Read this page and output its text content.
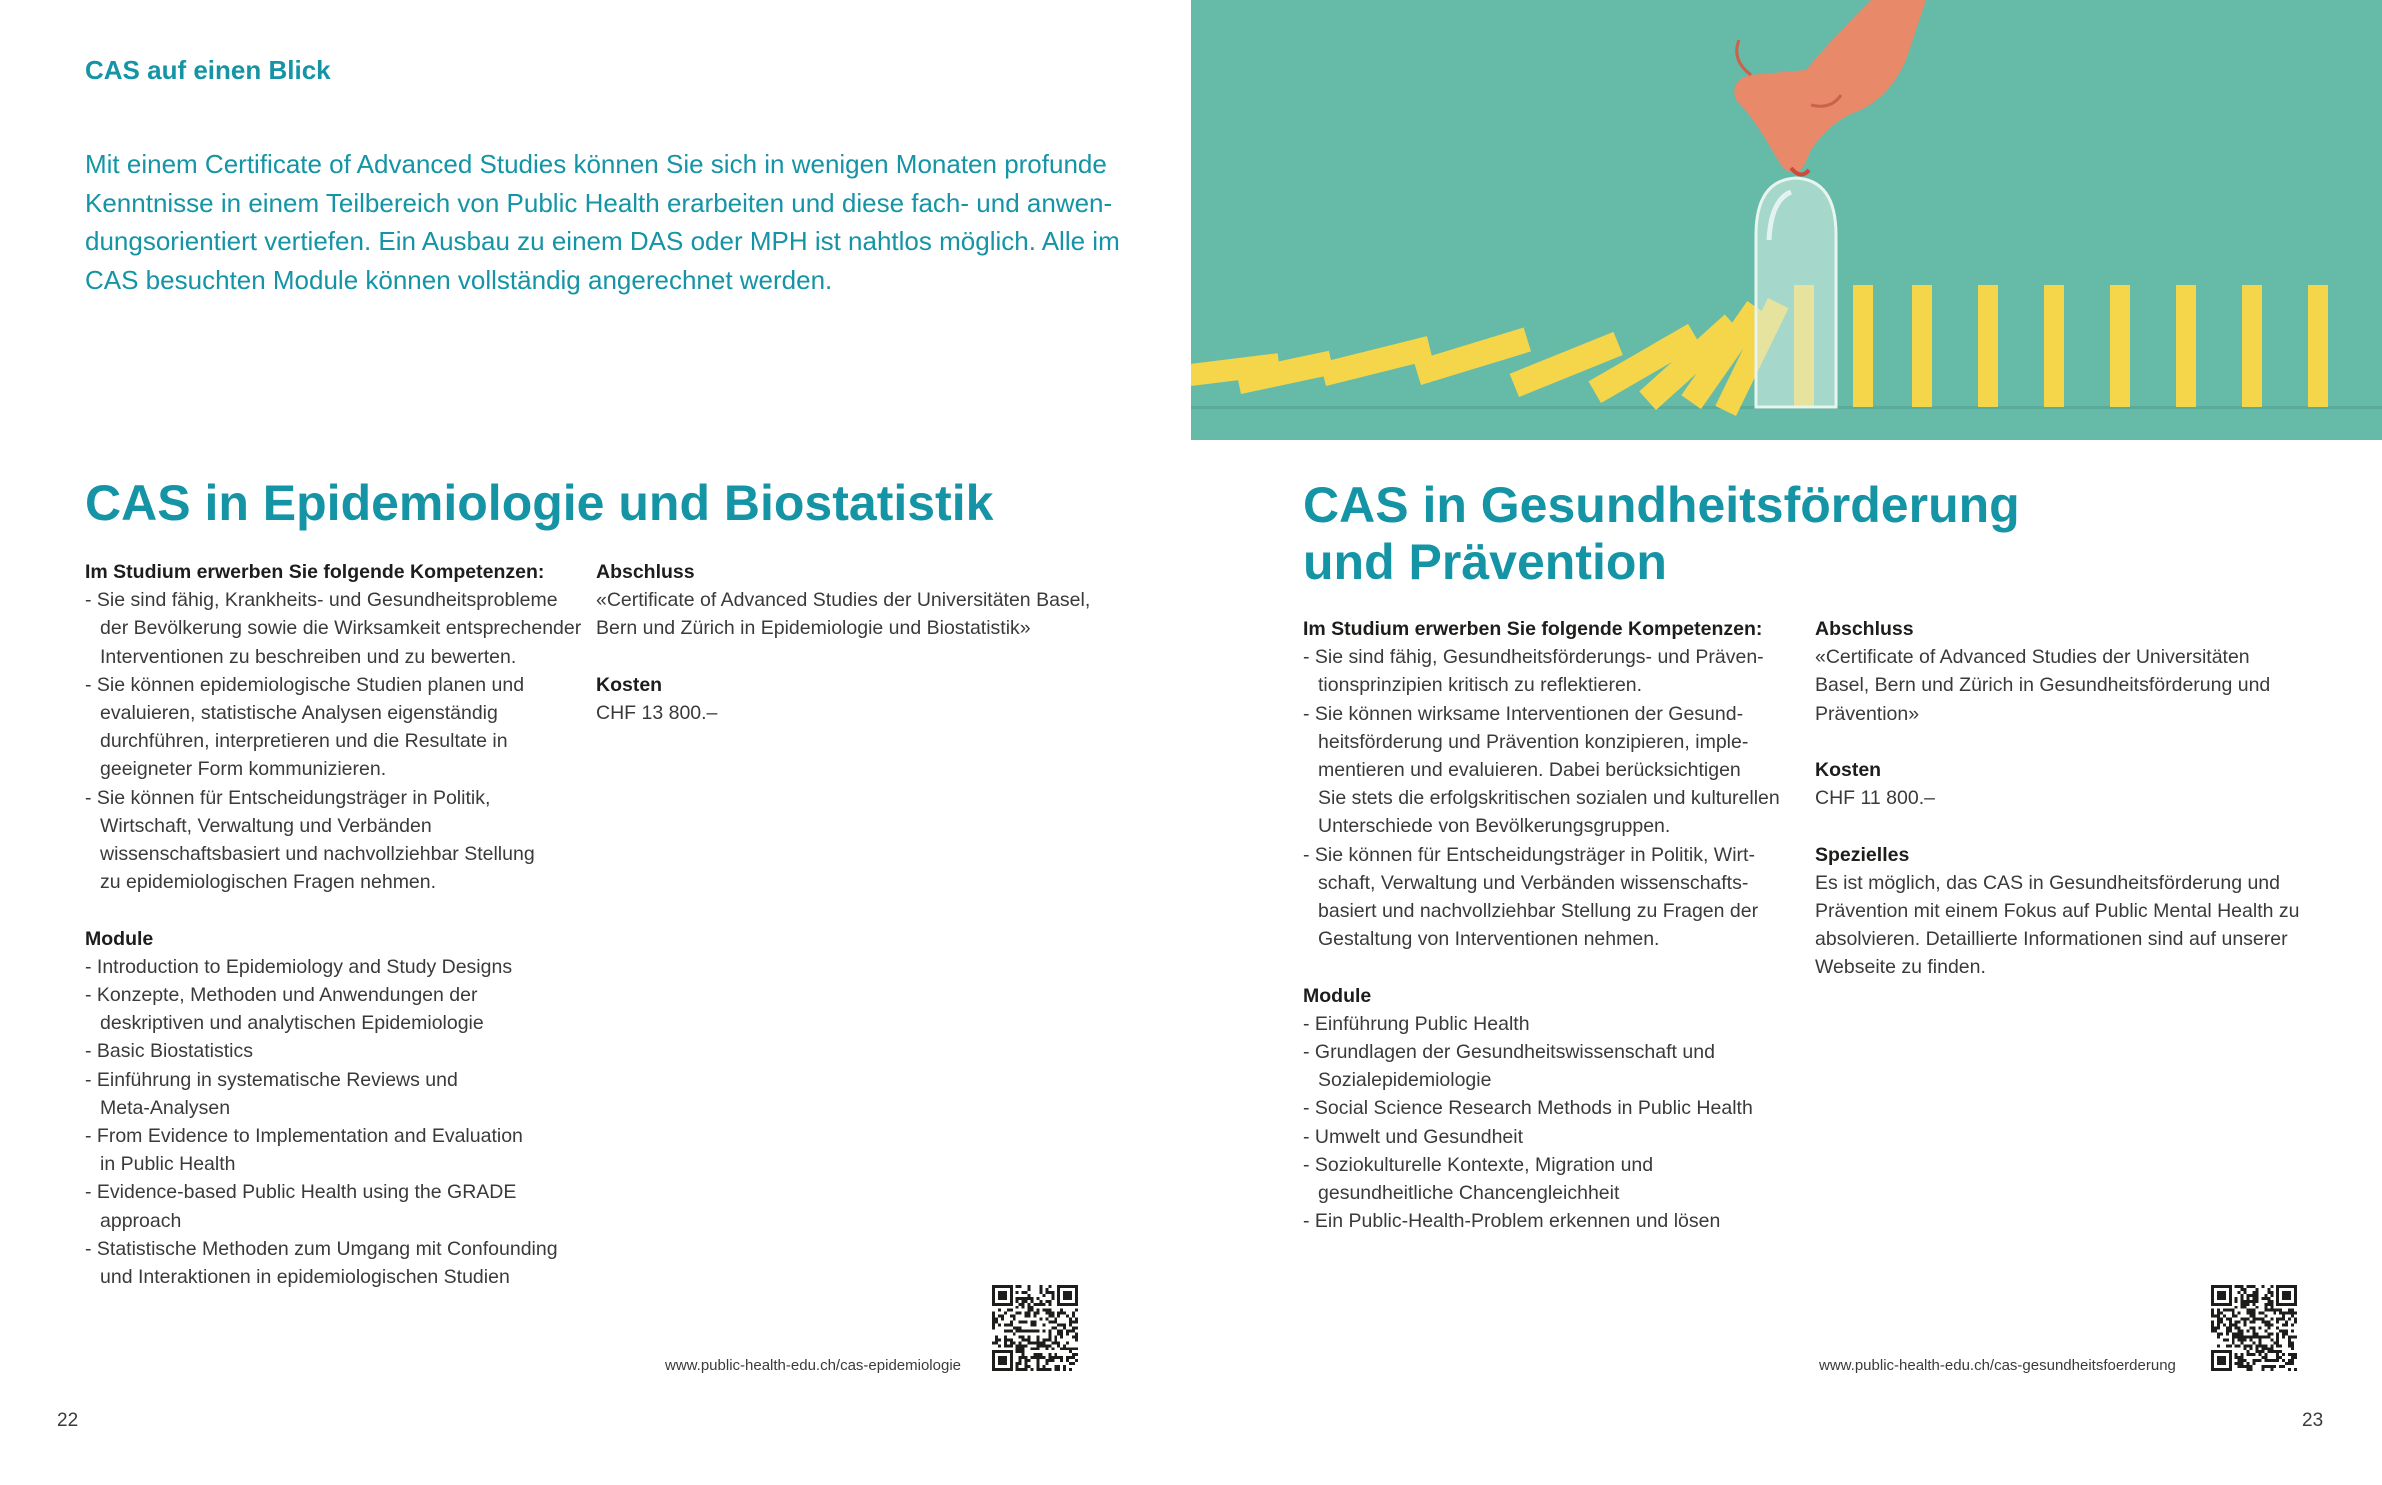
CAS auf einen Blick
Mit einem Certificate of Advanced Studies können Sie sich in wenigen Monaten profunde
Kenntnisse in einem Teilbereich von Public Health erarbeiten und diese fach- und anwen-
dungsorientiert vertiefen. Ein Ausbau zu einem DAS oder MPH ist nahtlos möglich. Alle im
CAS besuchten Module können vollständig angerechnet werden.
CAS in Epidemiologie und Biostatistik
Im Studium erwerben Sie folgende Kompetenzen:
- Sie sind fähig, Krankheits- und Gesundheitsprobleme
der Bevölkerung sowie die Wirksamkeit entsprechender
Interventionen zu beschreiben und zu bewerten.
- Sie können epidemiologische Studien planen und
evaluieren, statistische Analysen eigenständig
durchführen, interpretieren und die Resultate in
geeigneter Form kommunizieren.
- Sie können für Entscheidungsträger in Politik,
Wirtschaft, Verwaltung und Verbänden
wissenschaftsbasiert und nachvollziehbar Stellung
zu epidemiologischen Fragen nehmen.
Module
- Introduction to Epidemiology and Study Designs
- Konzepte, Methoden und Anwendungen der
deskriptiven und analytischen Epidemiologie
- Basic Biostatistics
- Einführung in systematische Reviews und
Meta-Analysen
- From Evidence to Implementation and Evaluation
in Public Health
- Evidence-based Public Health using the GRADE
approach
- Statistische Methoden zum Umgang mit Confounding
und Interaktionen in epidemiologischen Studien
Abschluss
«Certificate of Advanced Studies der Universitäten Basel,
Bern und Zürich in Epidemiologie und Biostatistik»
Kosten
CHF 13 800.–
www.public-health-edu.ch/cas-epidemiologie
22
CAS in Gesundheitsförderung
und Prävention
Im Studium erwerben Sie folgende Kompetenzen:
- Sie sind fähig, Gesundheitsförderungs- und Präven-
tionsprinzipien kritisch zu reflektieren.
- Sie können wirksame Interventionen der Gesund-
heitsförderung und Prävention konzipieren, imple-
mentieren und evaluieren. Dabei berücksichtigen
Sie stets die erfolgskritischen sozialen und kulturellen
Unterschiede von Bevölkerungsgruppen.
- Sie können für Entscheidungsträger in Politik, Wirt-
schaft, Verwaltung und Verbänden wissenschafts-
basiert und nachvollziehbar Stellung zu Fragen der
Gestaltung von Interventionen nehmen.
Module
- Einführung Public Health
- Grundlagen der Gesundheitswissenschaft und
Sozialepidemiologie
- Social Science Research Methods in Public Health
- Umwelt und Gesundheit
- Soziokulturelle Kontexte, Migration und
gesundheitliche Chancengleichheit
- Ein Public-Health-Problem erkennen und lösen
Abschluss
«Certificate of Advanced Studies der Universitäten
Basel, Bern und Zürich in Gesundheitsförderung und
Prävention»
Kosten
CHF 11 800.–
Spezielles
Es ist möglich, das CAS in Gesundheitsförderung und
Prävention mit einem Fokus auf Public Mental Health zu
absolvieren. Detaillierte Informationen sind auf unserer
Webseite zu finden.
www.public-health-edu.ch/cas-gesundheitsfoerderung
23
